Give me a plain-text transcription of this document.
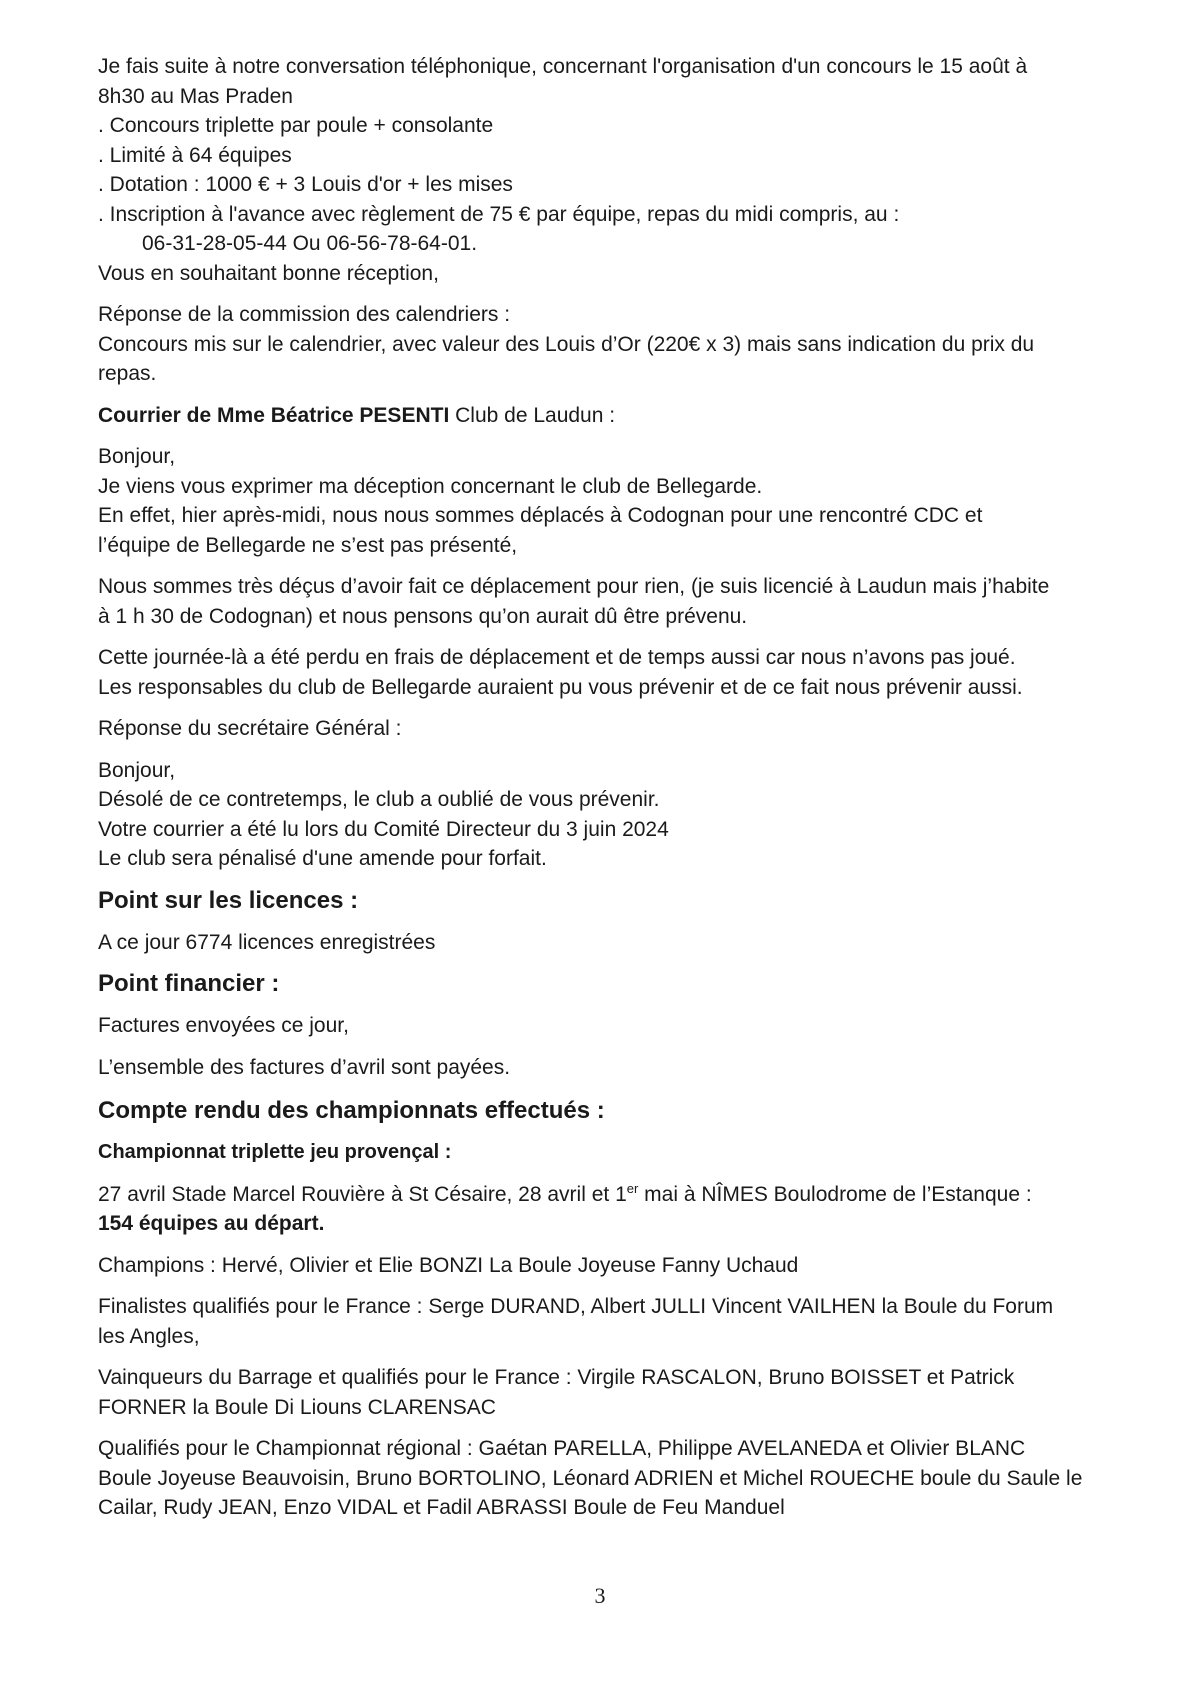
Je fais suite à notre conversation téléphonique, concernant l'organisation d'un concours le 15 août à
8h30 au Mas Praden
. Concours triplette par poule + consolante
. Limité à 64 équipes
. Dotation : 1000 € + 3 Louis d'or + les mises
. Inscription à l'avance avec règlement de 75 € par équipe, repas du midi compris, au :
06-31-28-05-44 Ou 06-56-78-64-01.
Vous en souhaitant bonne réception,
Réponse de la commission des calendriers :
Concours mis sur le calendrier, avec valeur des Louis d’Or (220€ x 3) mais sans indication du prix du
repas.
Courrier de Mme Béatrice PESENTI Club de Laudun :
Bonjour,
Je viens vous exprimer ma déception concernant le club de Bellegarde.
En effet, hier après-midi, nous nous sommes déplacés à Codognan pour une rencontré CDC et
l’équipe de Bellegarde ne s’est pas présenté,
Nous sommes très déçus d’avoir fait ce déplacement pour rien, (je suis licencié à Laudun mais j’habite
à 1 h 30 de Codognan) et nous pensons qu’on aurait dû être prévenu.
Cette journée-là a été perdu en frais de déplacement et de temps aussi car nous n’avons pas joué.
Les responsables du club de Bellegarde auraient pu vous prévenir et de ce fait nous prévenir aussi.
Réponse du secrétaire Général :
Bonjour,
Désolé de ce contretemps, le club a oublié de vous prévenir.
Votre courrier a été lu lors du Comité Directeur du 3 juin 2024
Le club sera pénalisé d'une amende pour forfait.
Point sur les licences :
A ce jour 6774 licences enregistrées
Point financier :
Factures envoyées ce jour,
L’ensemble des factures d’avril sont payées.
Compte rendu des championnats effectués :
Championnat triplette jeu provençal :
27 avril Stade Marcel Rouvière à St Césaire, 28 avril et 1er mai à NÎMES Boulodrome de l’Estanque :
154 équipes au départ.
Champions : Hervé, Olivier et Elie BONZI La Boule Joyeuse Fanny Uchaud
Finalistes qualifiés pour le France : Serge DURAND, Albert JULLI Vincent VAILHEN la Boule du Forum
les Angles,
Vainqueurs du Barrage et qualifiés pour le France : Virgile RASCALON, Bruno BOISSET et Patrick
FORNER la Boule Di Liouns CLARENSAC
Qualifiés pour le Championnat régional : Gaétan PARELLA, Philippe AVELANEDA et Olivier BLANC
Boule Joyeuse Beauvoisin, Bruno BORTOLINO, Léonard ADRIEN et Michel ROUECHE boule du Saule le
Cailar, Rudy JEAN, Enzo VIDAL et Fadil ABRASSI Boule de Feu Manduel
3
